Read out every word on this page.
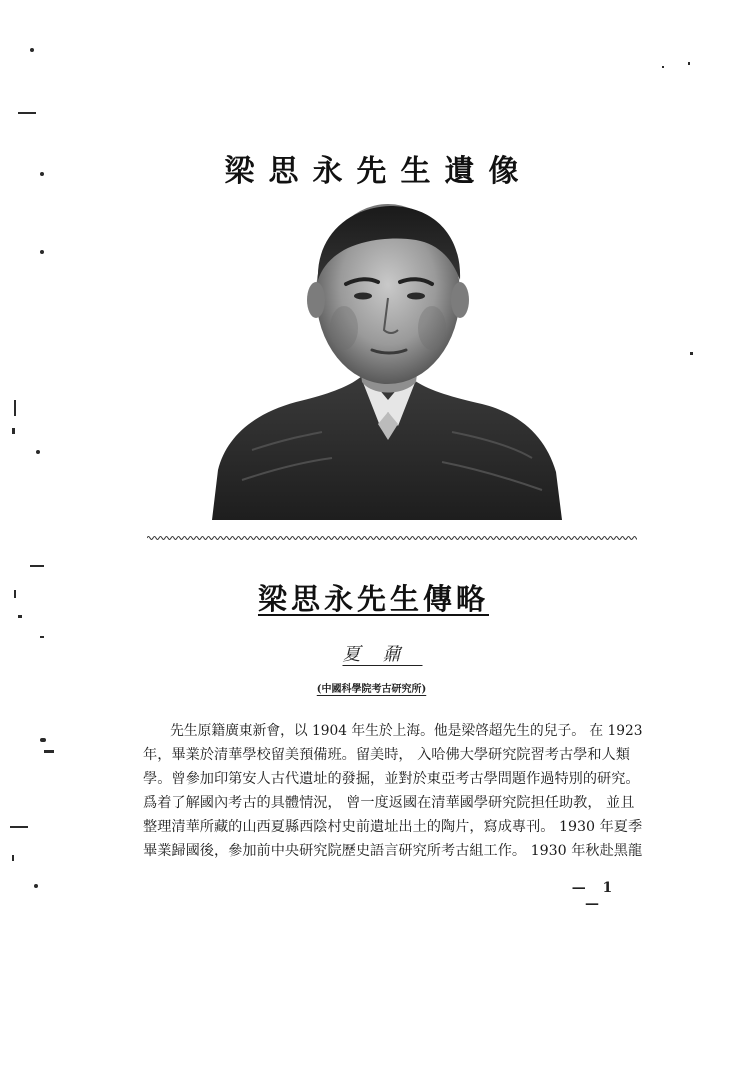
梁思永先生遺像
梁思永先生傳略
夏鼐
(中國科學院考古研究所)
先生原籍廣東新會，以 1904 年生於上海。他是梁啓超先生的兒子。 在 1923
年，畢業於清華學校留美預備班。留美時， 入哈佛大學研究院習考古學和人類
學。曾參加印第安人古代遺址的發掘，並對於東亞考古學問題作過特別的研究。
爲着了解國內考古的具體情況， 曾一度返國在清華國學研究院担任助教， 並且
整理清華所藏的山西夏縣西陰村史前遺址出土的陶片，寫成專刊。 1930 年夏季
畢業歸國後，參加前中央研究院歷史語言研究所考古組工作。 1930 年秋赴黑龍
— 1 —
